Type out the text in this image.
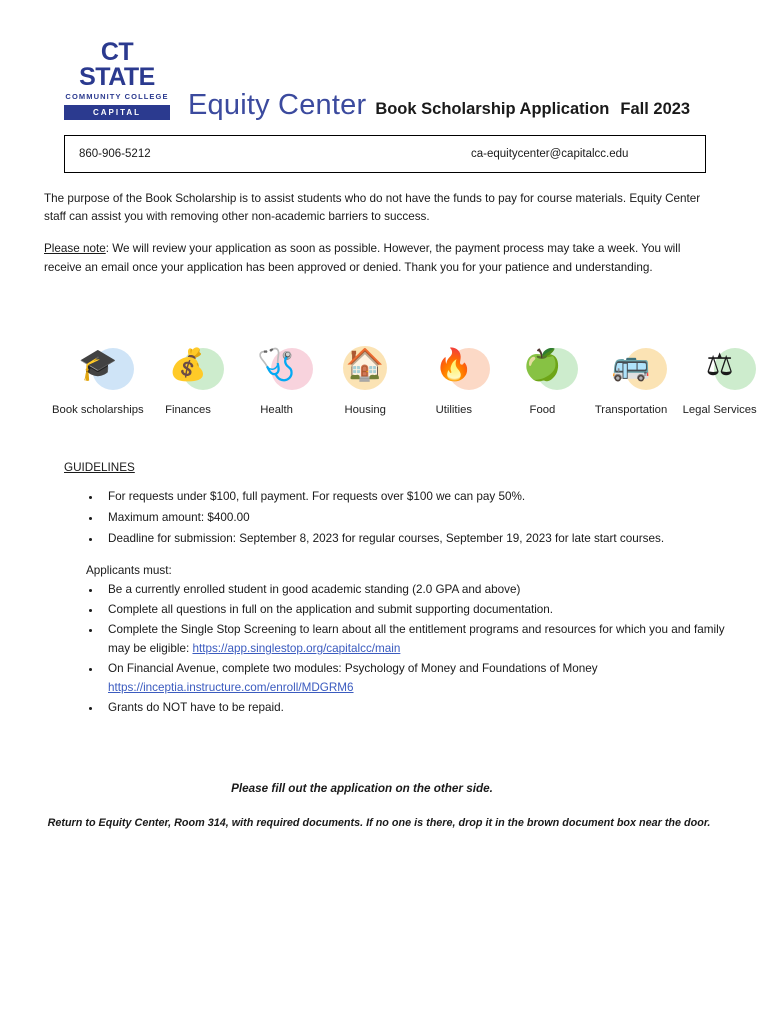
CT STATE
COMMUNITY COLLEGE
CAPITAL	Equity Center Book Scholarship Application Fall 2023
860-906-5212	ca-equitycenter@capitalcc.edu

The purpose of the Book Scholarship is to assist students who do not have the funds to pay for course materials. Equity Center staff can assist you with removing other non-academic barriers to success.

Please note: We will review your application as soon as possible. However, the payment process may take a week. You will receive an email once your application has been approved or denied. Thank you for your patience and understanding.

🎓
Book scholarships
💰
Finances
🩺
Health
🏠
Housing
🔥
Utilities
🍏
Food
🚌
Transportation
⚖
Legal Services
GUIDELINES
• For requests under $100, full payment. For requests over $100 we can pay 50%.
• Maximum amount: $400.00
• Deadline for submission: September 8, 2023 for regular courses, September 19, 2023 for late start courses.
Applicants must:
• Be a currently enrolled student in good academic standing (2.0 GPA and above)
• Complete all questions in full on the application and submit supporting documentation.
• Complete the Single Stop Screening to learn about all the entitlement programs and resources for which you and family may be eligible: https://app.singlestop.org/capitalcc/main
• On Financial Avenue, complete two modules: Psychology of Money and Foundations of Money https://inceptia.instructure.com/enroll/MDGRM6
• Grants do NOT have to be repaid.
Please fill out the application on the other side.
Return to Equity Center, Room 314, with required documents. If no one is there, drop it in the brown document box near the door.
